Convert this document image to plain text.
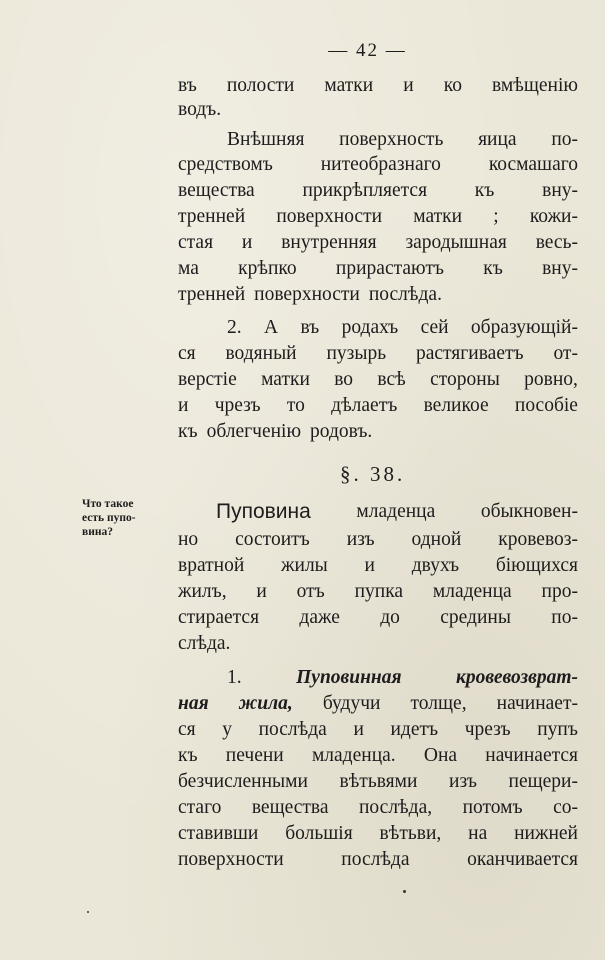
— 42 —
Что такое
есть пупо-
вина?
§. 38.
въ полости матки и ко вмѣщенію
водъ.
Внѣшняя поверхность яица по-
средствомъ нитеобразнаго космашаго
вещества прикрѣпляется къ вну-
тренней поверхности матки ; кожи-
стая и внутренняя зародышная весь-
ма крѣпко прирастаютъ къ вну-
тренней поверхности послѣда.
2. А въ родахъ сей образующій-
ся водяный пузырь растягиваетъ от-
верстіе матки во всѣ стороны ровно,
и чрезъ то дѣлаетъ великое пособіе
къ облегченію родовъ.
Пуповина младенца обыкновен-
но состоитъ изъ одной кровевоз-
вратной жилы и двухъ біющихся
жилъ, и отъ пупка младенца про-
стирается даже до средины по-
слѣда.
1.	Пуповинная	кровевозврат-
ная жила, будучи толще, начинает-
ся у послѣда и идетъ чрезъ пупъ
къ печени младенца. Она начинается
безчисленными вѣтьвями изъ пещери-
стаго вещества послѣда, потомъ со-
ставивши большія вѣтьви, на нижней
поверхности	послѣда	оканчивается
